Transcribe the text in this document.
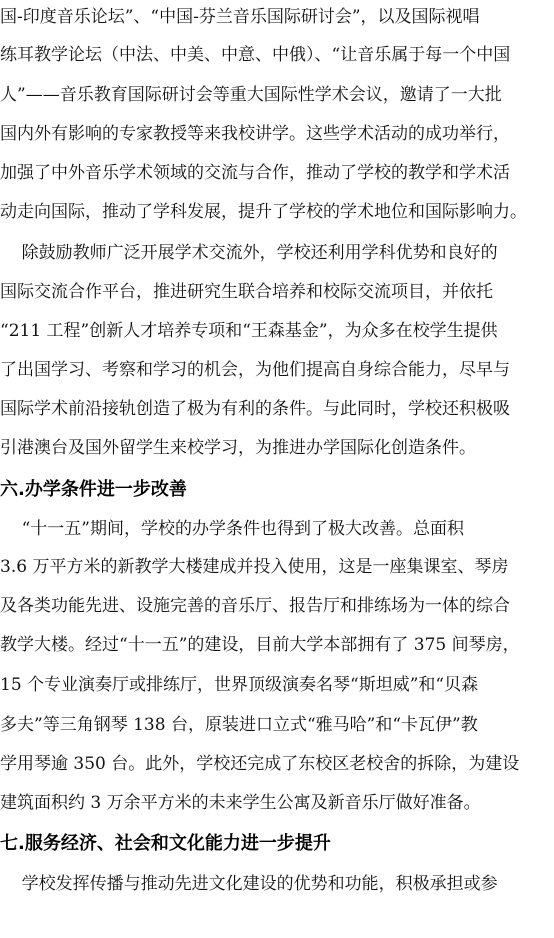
国-印度音乐论坛”、“中国-芬兰音乐国际研讨会”，以及国际视唱
练耳教学论坛（中法、中美、中意、中俄）、“让音乐属于每一个中国
人”——音乐教育国际研讨会等重大国际性学术会议，邀请了一大批
国内外有影响的专家教授等来我校讲学。这些学术活动的成功举行，
加强了中外音乐学术领域的交流与合作，推动了学校的教学和学术活
动走向国际，推动了学科发展，提升了学校的学术地位和国际影响力。
除鼓励教师广泛开展学术交流外，学校还利用学科优势和良好的
国际交流合作平台，推进研究生联合培养和校际交流项目，并依托
“211 工程”创新人才培养专项和“王森基金”，为众多在校学生提供
了出国学习、考察和学习的机会，为他们提高自身综合能力，尽早与
国际学术前沿接轨创造了极为有利的条件。与此同时，学校还积极吸
引港澳台及国外留学生来校学习，为推进办学国际化创造条件。
六.办学条件进一步改善
“十一五”期间，学校的办学条件也得到了极大改善。总面积
3.6 万平方米的新教学大楼建成并投入使用，这是一座集课室、琴房
及各类功能先进、设施完善的音乐厅、报告厅和排练场为一体的综合
教学大楼。经过“十一五”的建设，目前大学本部拥有了 375 间琴房，
15 个专业演奏厅或排练厅，世界顶级演奏名琴“斯坦威”和“贝森
多夫”等三角钢琴 138 台，原装进口立式“雅马哈”和“卡瓦伊”教
学用琴逾 350 台。此外，学校还完成了东校区老校舍的拆除，为建设
建筑面积约 3 万余平方米的未来学生公寓及新音乐厅做好准备。
七.服务经济、社会和文化能力进一步提升
学校发挥传播与推动先进文化建设的优势和功能，积极承担或参
